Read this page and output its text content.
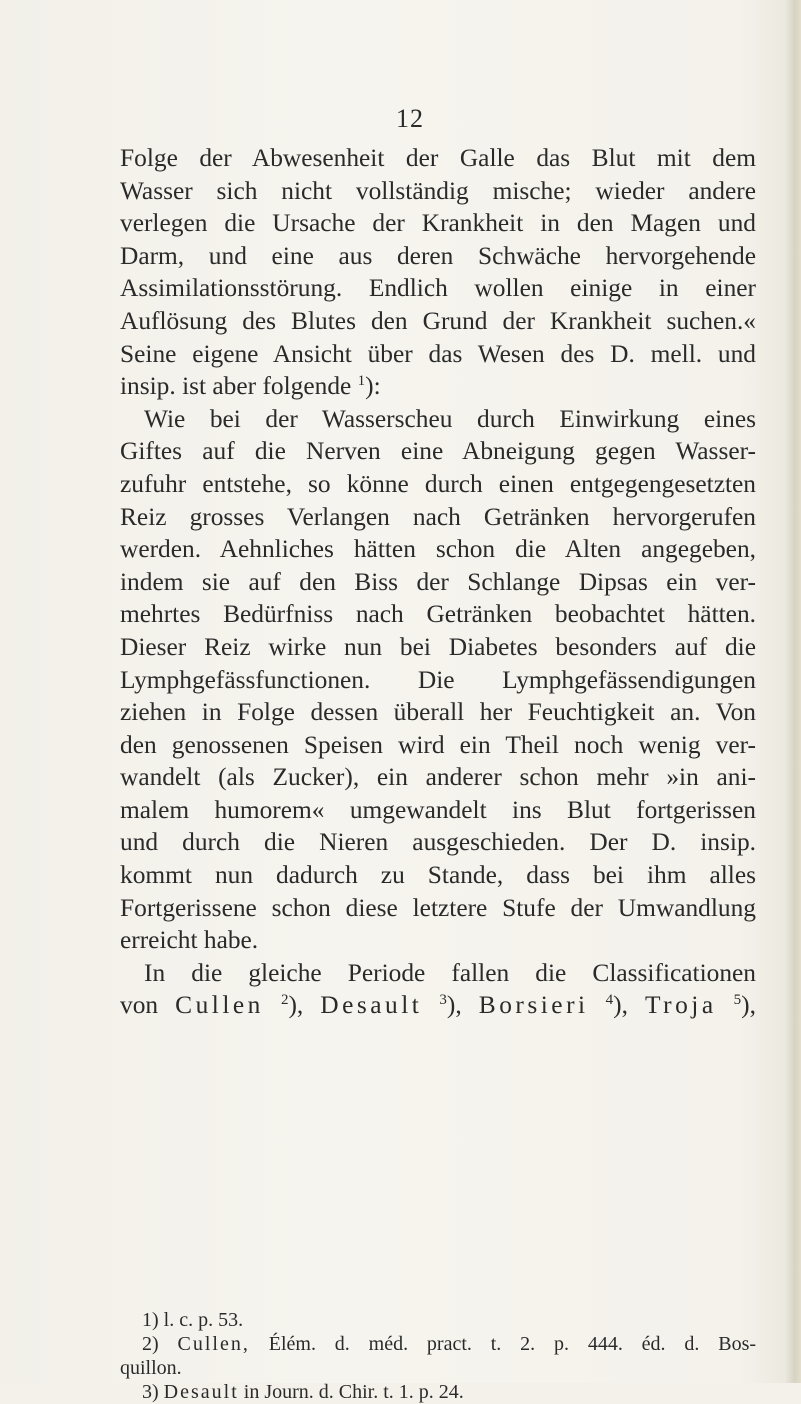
12
Folge der Abwesenheit der Galle das Blut mit dem
Wasser sich nicht vollständig mische; wieder andere
verlegen die Ursache der Krankheit in den Magen und
Darm, und eine aus deren Schwäche hervorgehende
Assimilationsstörung. Endlich wollen einige in einer
Auflösung des Blutes den Grund der Krankheit suchen.«
Seine eigene Ansicht über das Wesen des D. mell. und
insip. ist aber folgende $^1$):
Wie bei der Wasserscheu durch Einwirkung eines
Giftes auf die Nerven eine Abneigung gegen Wasser-
zufuhr entstehe, so könne durch einen entgegengesetzten
Reiz grosses Verlangen nach Getränken hervorgerufen
werden. Aehnliches hätten schon die Alten angegeben,
indem sie auf den Biss der Schlange Dipsas ein ver-
mehrtes Bedürfniss nach Getränken beobachtet hätten.
Dieser Reiz wirke nun bei Diabetes besonders auf die
Lymphgefässfunctionen. Die Lymphgefässendigungen
ziehen in Folge dessen überall her Feuchtigkeit an. Von
den genossenen Speisen wird ein Theil noch wenig ver-
wandelt (als Zucker), ein anderer schon mehr »in ani-
malem humorem« umgewandelt ins Blut fortgerissen
und durch die Nieren ausgeschieden. Der D. insip.
kommt nun dadurch zu Stande, dass bei ihm alles
Fortgerissene schon diese letztere Stufe der Umwandlung
erreicht habe.
In die gleiche Periode fallen die Classificationen
von Cullen $^2$), Desault $^3$), Borsieri $^4$), Troja $^5$),
1) l. c. p. 53.
2) Cullen, Élém. d. méd. pract. t. 2. p. 444. éd. d. Bos-
quillon.
3) Desault in Journ. d. Chir. t. 1. p. 24.
